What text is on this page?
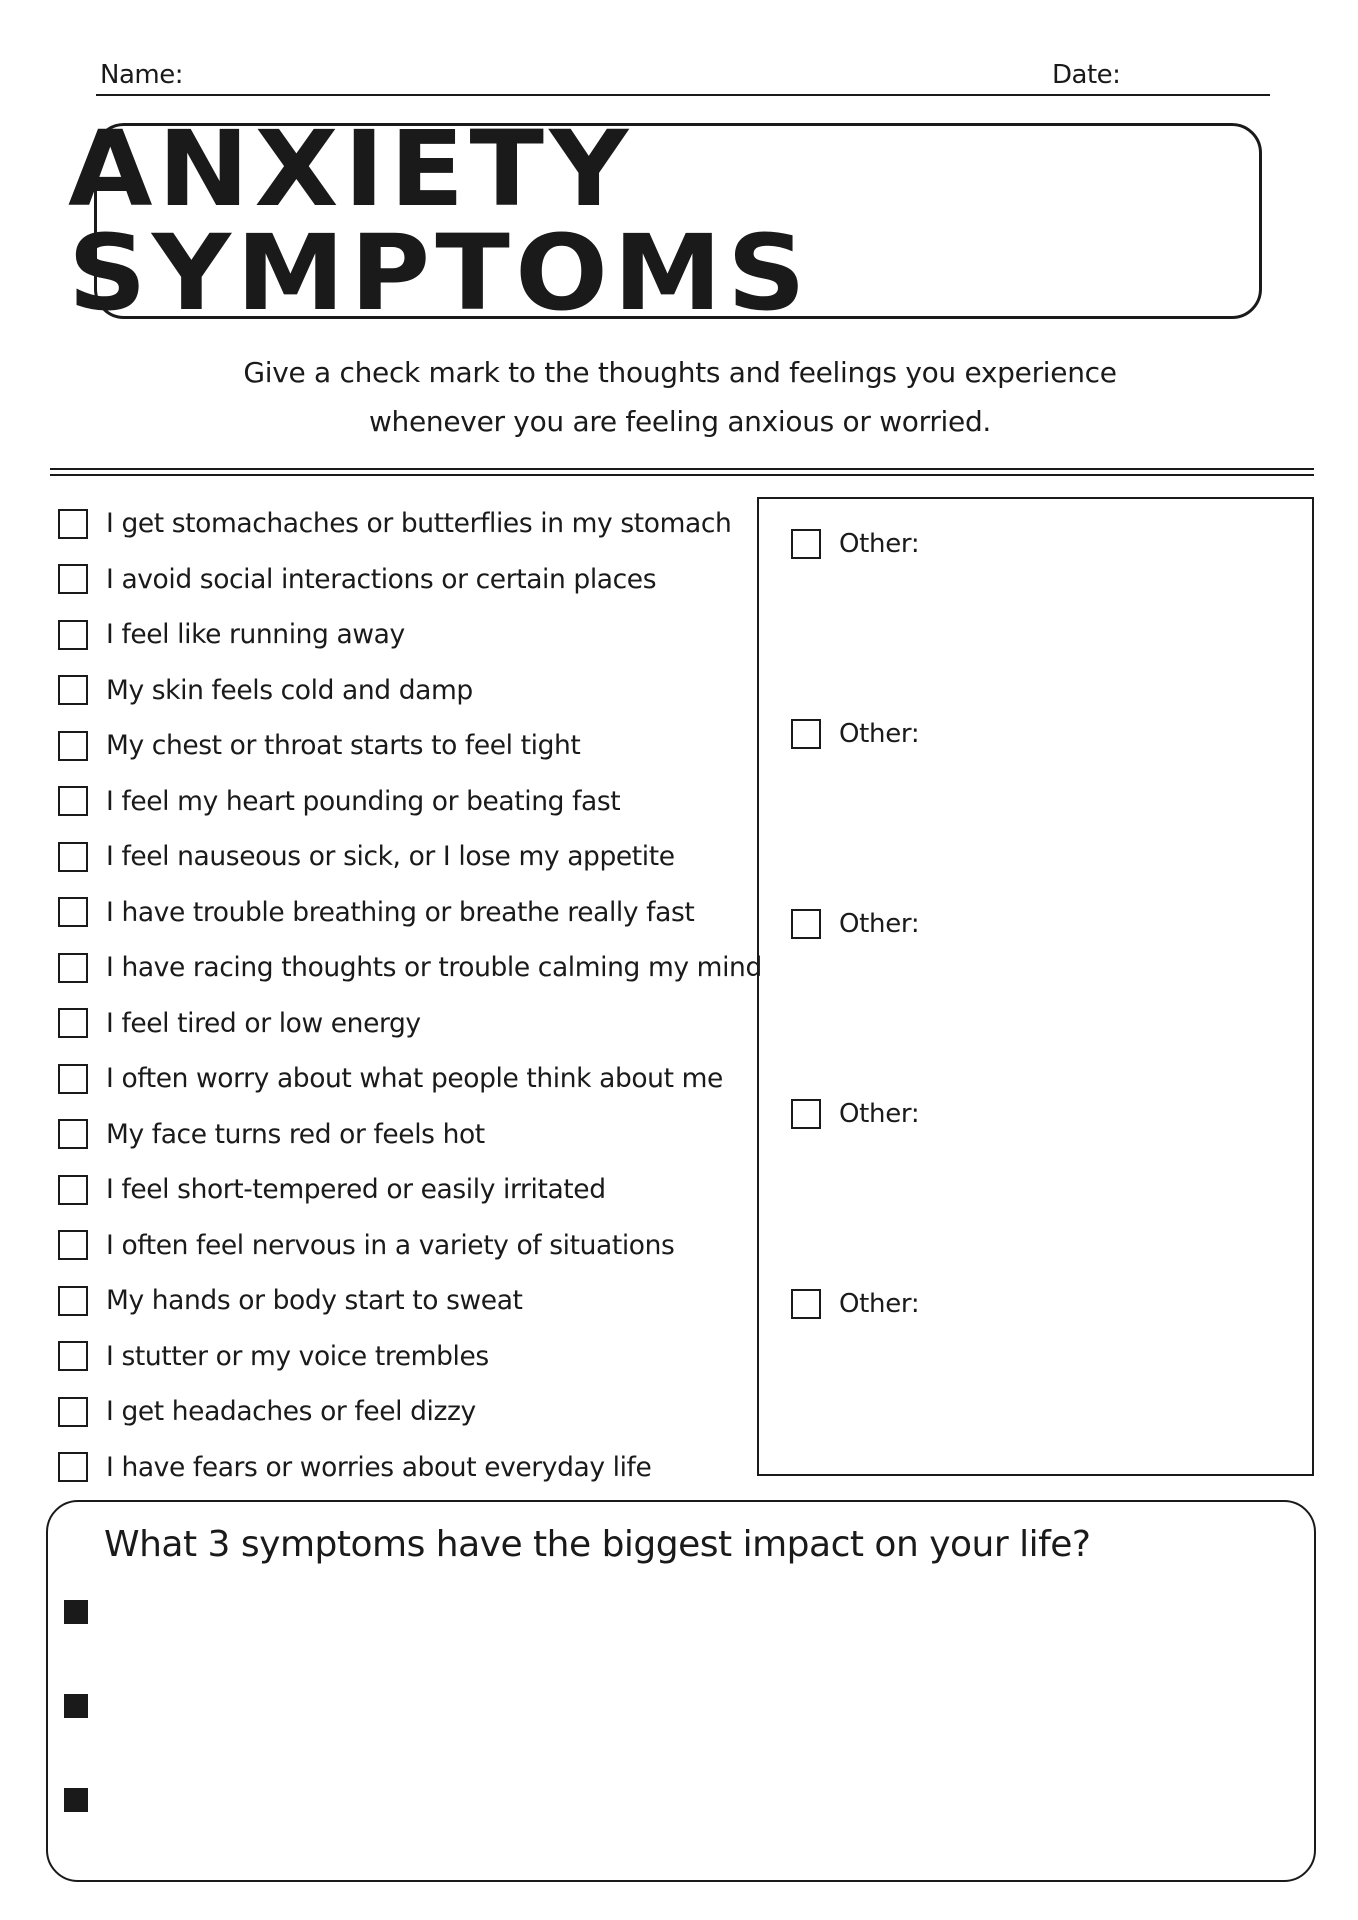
Name:	Date:
ANXIETY SYMPTOMS
Give a check mark to the thoughts and feelings you experience
whenever you are feeling anxious or worried.
I get stomachaches or butterflies in my stomach
I avoid social interactions or certain places
I feel like running away
My skin feels cold and damp
My chest or throat starts to feel tight
I feel my heart pounding or beating fast
I feel nauseous or sick, or I lose my appetite
I have trouble breathing or breathe really fast
I have racing thoughts or trouble calming my mind
I feel tired or low energy
I often worry about what people think about me
My face turns red or feels hot
I feel short-tempered or easily irritated
I often feel nervous in a variety of situations
My hands or body start to sweat
I stutter or my voice trembles
I get headaches or feel dizzy
I have fears or worries about everyday life
Other:
Other:
Other:
Other:
Other:
What 3 symptoms have the biggest impact on your life?
